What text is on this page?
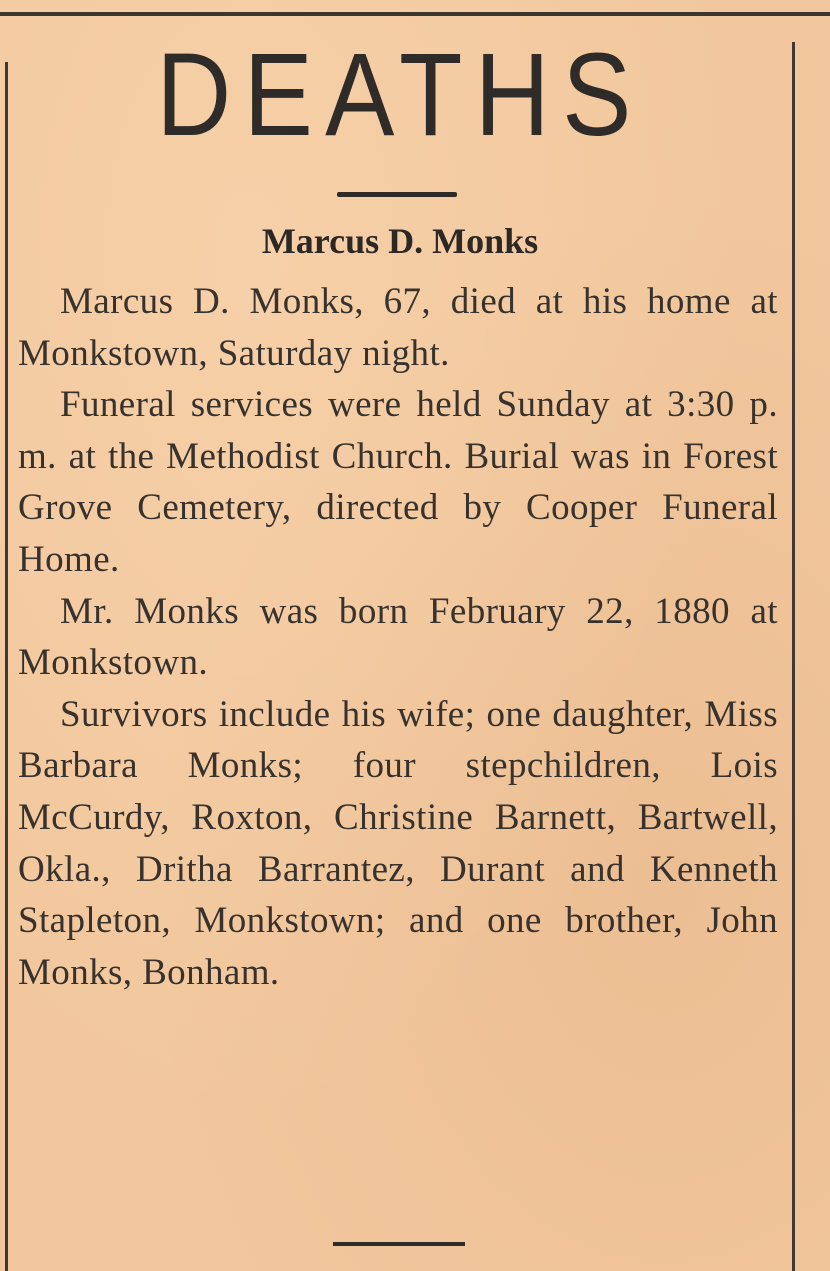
DEATHS
Marcus D. Monks

Marcus D. Monks, 67, died at his home at Monkstown, Saturday night.

Funeral services were held Sunday at 3:30 p. m. at the Methodist Church. Burial was in Forest Grove Cemetery, directed by Cooper Funeral Home.

Mr. Monks was born February 22, 1880 at Monkstown.

Survivors include his wife; one daughter, Miss Barbara Monks; four stepchildren, Lois McCurdy, Roxton, Christine Barnett, Bartwell, Okla., Dritha Barrantez, Durant and Kenneth Stapleton, Monkstown; and one brother, John Monks, Bonham.
